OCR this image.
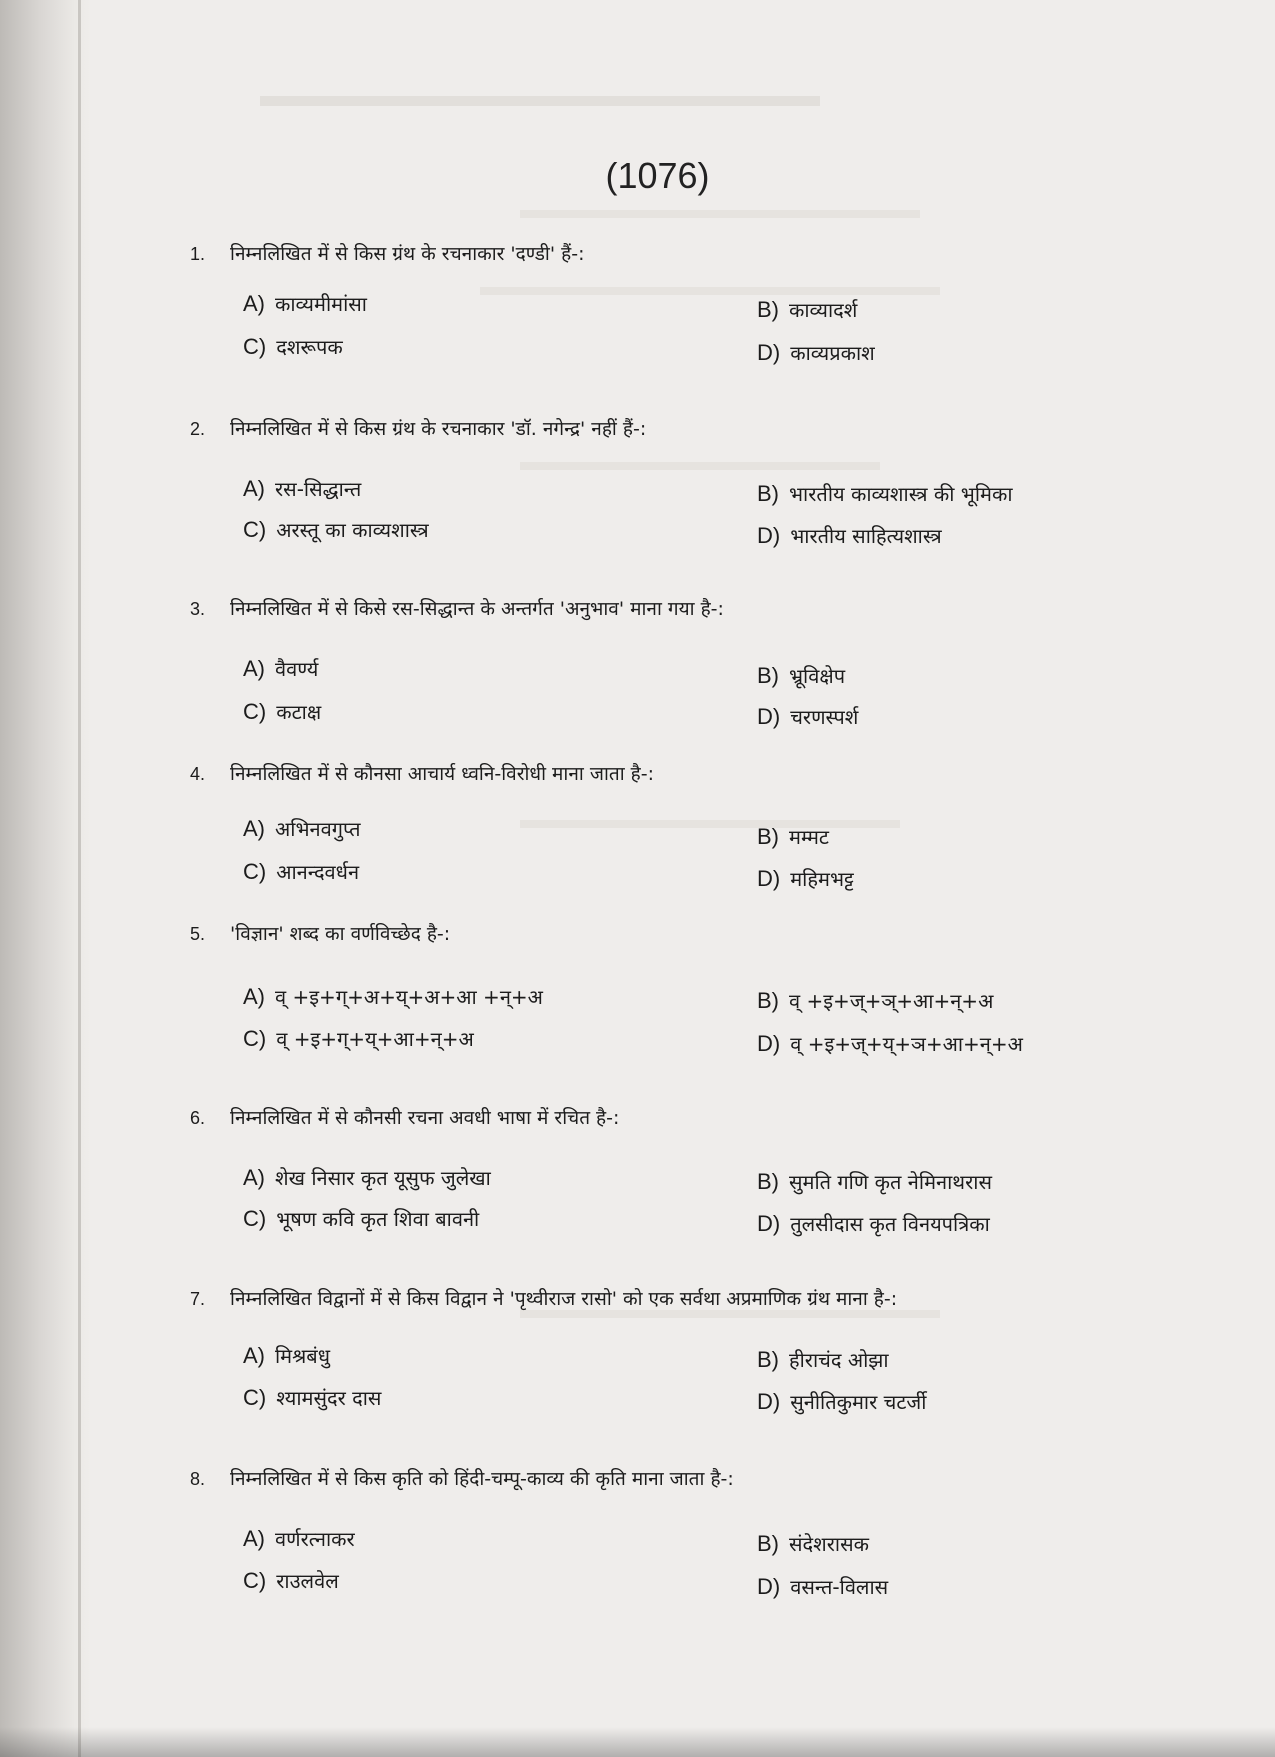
(1076)
1. निम्नलिखित में से किस ग्रंथ के रचनाकार 'दण्डी' हैं-:
A) काव्यमीमांसा	B) काव्यादर्श
C) दशरूपक	D) काव्यप्रकाश
2. निम्नलिखित में से किस ग्रंथ के रचनाकार 'डॉ. नगेन्द्र' नहीं हैं-:
A) रस-सिद्धान्त	B) भारतीय काव्यशास्त्र की भूमिका
C) अरस्तू का काव्यशास्त्र	D) भारतीय साहित्यशास्त्र
3. निम्नलिखित में से किसे रस-सिद्धान्त के अन्तर्गत 'अनुभाव' माना गया है-:
A) वैवर्ण्य	B) भ्रूविक्षेप
C) कटाक्ष	D) चरणस्पर्श
4. निम्नलिखित में से कौनसा आचार्य ध्वनि-विरोधी माना जाता है-:
A) अभिनवगुप्त	B) मम्मट
C) आनन्दवर्धन	D) महिमभट्ट
5. 'विज्ञान' शब्द का वर्णविच्छेद है-:
A) व् +इ+ग्+अ+य्+अ+आ +न्+अ	B) व् +इ+ज्+ञ्+आ+न्+अ
C) व् +इ+ग्+य्+आ+न्+अ	D) व् +इ+ज्+य्+ञ+आ+न्+अ
6. निम्नलिखित में से कौनसी रचना अवधी भाषा में रचित है-:
A) शेख निसार कृत यूसुफ जुलेखा	B) सुमति गणि कृत नेमिनाथरास
C) भूषण कवि कृत शिवा बावनी	D) तुलसीदास कृत विनयपत्रिका
7. निम्नलिखित विद्वानों में से किस विद्वान ने 'पृथ्वीराज रासो' को एक सर्वथा अप्रमाणिक ग्रंथ माना है-:
A) मिश्रबंधु	B) हीराचंद ओझा
C) श्यामसुंदर दास	D) सुनीतिकुमार चटर्जी
8. निम्नलिखित में से किस कृति को हिंदी-चम्पू-काव्य की कृति माना जाता है-:
A) वर्णरत्नाकर	B) संदेशरासक
C) राउलवेल	D) वसन्त-विलास
